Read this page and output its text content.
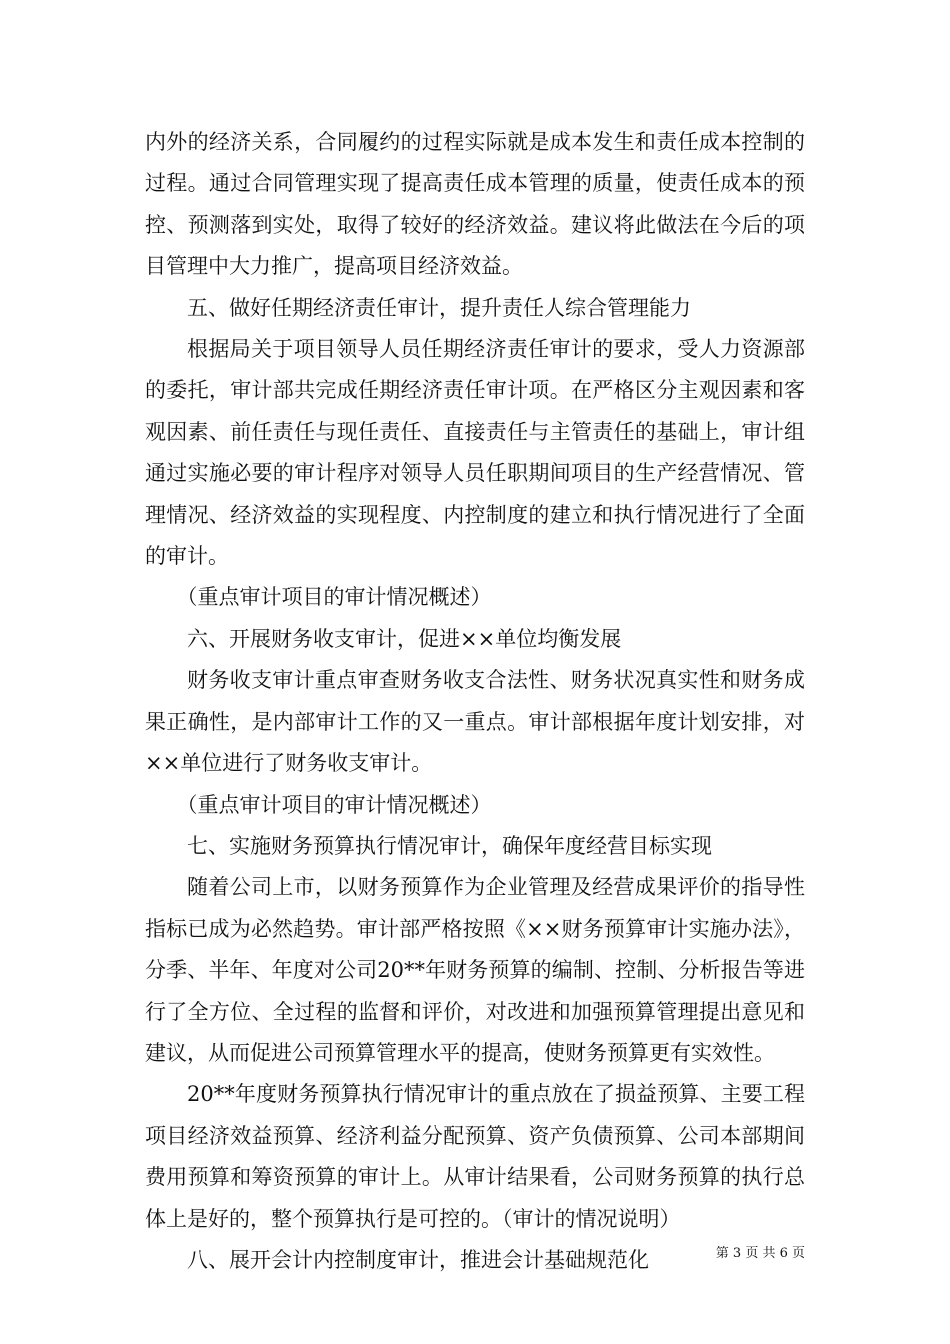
内外的经济关系，合同履约的过程实际就是成本发生和责任成本控制的过程。通过合同管理实现了提高责任成本管理的质量，使责任成本的预控、预测落到实处，取得了较好的经济效益。建议将此做法在今后的项目管理中大力推广，提高项目经济效益。

五、做好任期经济责任审计，提升责任人综合管理能力

根据局关于项目领导人员任期经济责任审计的要求，受人力资源部的委托，审计部共完成任期经济责任审计项。在严格区分主观因素和客观因素、前任责任与现任责任、直接责任与主管责任的基础上，审计组通过实施必要的审计程序对领导人员任职期间项目的生产经营情况、管理情况、经济效益的实现程度、内控制度的建立和执行情况进行了全面的审计。

（重点审计项目的审计情况概述）

六、开展财务收支审计，促进××单位均衡发展

财务收支审计重点审查财务收支合法性、财务状况真实性和财务成果正确性，是内部审计工作的又一重点。审计部根据年度计划安排，对××单位进行了财务收支审计。

（重点审计项目的审计情况概述）

七、实施财务预算执行情况审计，确保年度经营目标实现

随着公司上市，以财务预算作为企业管理及经营成果评价的指导性指标已成为必然趋势。审计部严格按照《××财务预算审计实施办法》，分季、半年、年度对公司20**年财务预算的编制、控制、分析报告等进行了全方位、全过程的监督和评价，对改进和加强预算管理提出意见和建议，从而促进公司预算管理水平的提高，使财务预算更有实效性。

20**年度财务预算执行情况审计的重点放在了损益预算、主要工程项目经济效益预算、经济利益分配预算、资产负债预算、公司本部期间费用预算和筹资预算的审计上。从审计结果看，公司财务预算的执行总体上是好的，整个预算执行是可控的。（审计的情况说明）

八、展开会计内控制度审计，推进会计基础规范化	第 3 页 共 6 页
